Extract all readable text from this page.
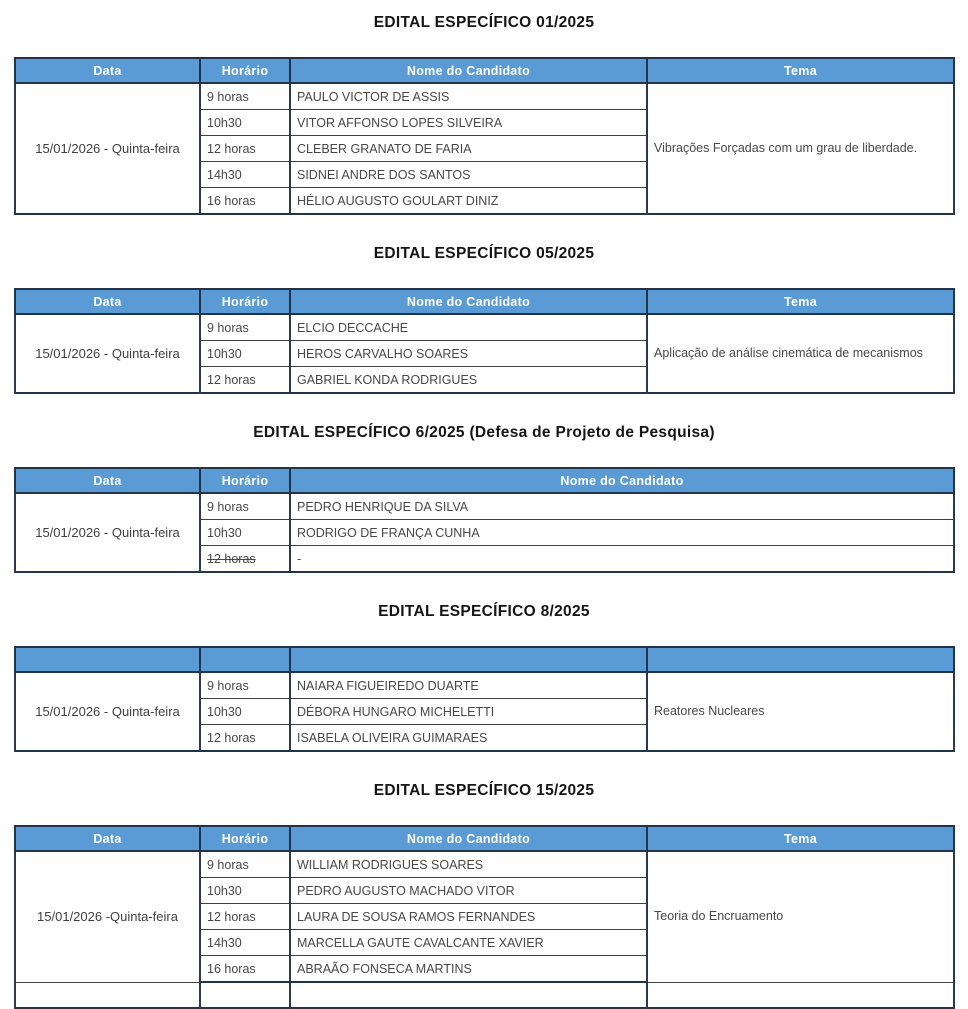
EDITAL ESPECÍFICO 01/2025
Data	Horário	Nome do Candidato	Tema
15/01/2026 - Quinta-feira	9 horas	PAULO VICTOR DE ASSIS	Vibrações Forçadas com um grau de liberdade.
	10h30	VITOR AFFONSO LOPES SILVEIRA	
	12 horas	CLEBER GRANATO DE FARIA	
	14h30	SIDNEI ANDRE DOS SANTOS	
	16 horas	HÉLIO AUGUSTO GOULART DINIZ	
EDITAL ESPECÍFICO 05/2025
Data	Horário	Nome do Candidato	Tema
15/01/2026 - Quinta-feira	9 horas	ELCIO DECCACHE	Aplicação de análise cinemática de mecanismos
	10h30	HEROS CARVALHO SOARES	
	12 horas	GABRIEL KONDA RODRIGUES	
EDITAL ESPECÍFICO 6/2025 (Defesa de Projeto de Pesquisa)
Data	Horário	Nome do Candidato
15/01/2026 - Quinta-feira	9 horas	PEDRO HENRIQUE DA SILVA
	10h30	RODRIGO DE FRANÇA CUNHA
	12 horas	-
EDITAL ESPECÍFICO 8/2025

15/01/2026 - Quinta-feira	9 horas	NAIARA FIGUEIREDO DUARTE	Reatores Nucleares
	10h30	DÉBORA HUNGARO MICHELETTI	
	12 horas	ISABELA OLIVEIRA GUIMARAES	
EDITAL ESPECÍFICO 15/2025
Data	Horário	Nome do Candidato	Tema
15/01/2026 -Quinta-feira	9 horas	WILLIAM RODRIGUES SOARES	Teoria do Encruamento
	10h30	PEDRO AUGUSTO MACHADO VITOR	
	12 horas	LAURA DE SOUSA RAMOS FERNANDES	
	14h30	MARCELLA GAUTE CAVALCANTE XAVIER	
	16 horas	ABRAÃO FONSECA MARTINS	
